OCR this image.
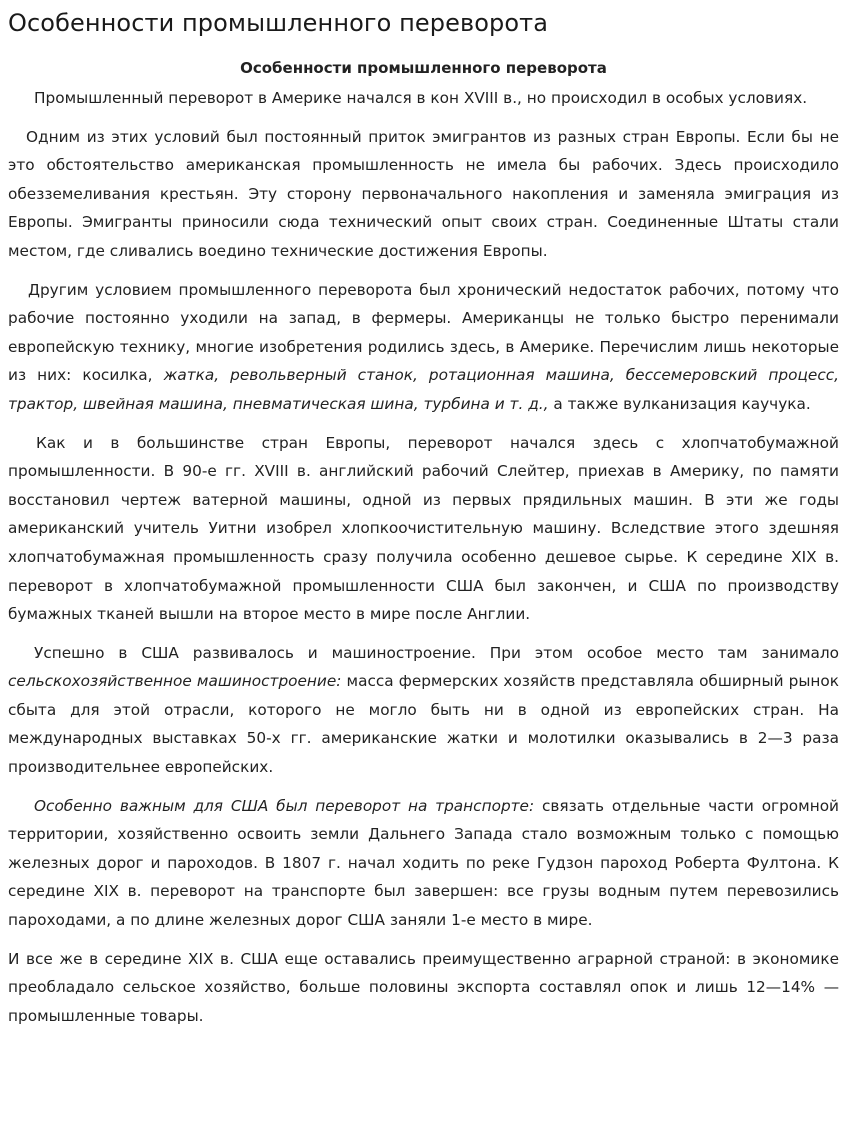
Особенности промышленного переворота
Особенности промышленного переворота

Промышленный переворот в Америке начался в кон XVIII в., но происходил в особых условиях.

Одним из этих условий был постоянный приток эмигрантов из разных стран Европы. Если бы не это обстоятельство американская промышленность не имела бы рабочих. Здесь происходило обезземеливания крестьян. Эту сторону первоначального накопления и заменяла эмиграция из Европы. Эмигранты приносили сюда технический опыт своих стран. Соединенные Штаты стали местом, где сливались воедино технические достижения Европы.

Другим условием промышленного переворота был хронический недостаток рабочих, потому что рабочие постоянно уходили на запад, в фермеры. Американцы не только быстро перенимали европейскую технику, многие изобретения родились здесь, в Америке. Перечислим лишь некоторые из них: косилка, жатка, револьверный станок, ротационная машина, бессемеровский процесс, трактор, швейная машина, пневматическая шина, турбина и т. д., а также вулканизация каучука.

Как и в большинстве стран Европы, переворот начался здесь с хлопчатобумажной промышленности. В 90-е гг. XVIII в. английский рабочий Слейтер, приехав в Америку, по памяти восстановил чертеж ватерной машины, одной из первых прядильных машин. В эти же годы американский учитель Уитни изобрел хлопкоочистительную машину. Вследствие этого здешняя хлопчатобумажная промышленность сразу получила особенно дешевое сырье. К середине XIX в. переворот в хлопчатобумажной промышленности США был закончен, и США по производству бумажных тканей вышли на второе место в мире после Англии.

Успешно в США развивалось и машиностроение. При этом особое место там занимало сельскохозяйственное машиностроение: масса фермерских хозяйств представляла обширный рынок сбыта для этой отрасли, которого не могло быть ни в одной из европейских стран. На международных выставках 50-х гг. американские жатки и молотилки оказывались в 2—3 раза производительнее европейских.

Особенно важным для США был переворот на транспорте: связать отдельные части огромной территории, хозяйственно освоить земли Дальнего Запада стало возможным только с помощью железных дорог и пароходов. В 1807 г. начал ходить по реке Гудзон пароход Роберта Фултона. К середине XIX в. переворот на транспорте был завершен: все грузы водным путем перевозились пароходами, а по длине железных дорог США заняли 1-е место в мире.

И все же в середине XIX в. США еще оставались преимущественно аграрной страной: в экономике преобладало сельское хозяйство, больше половины экспорта составлял опок и лишь 12—14% — промышленные товары.
